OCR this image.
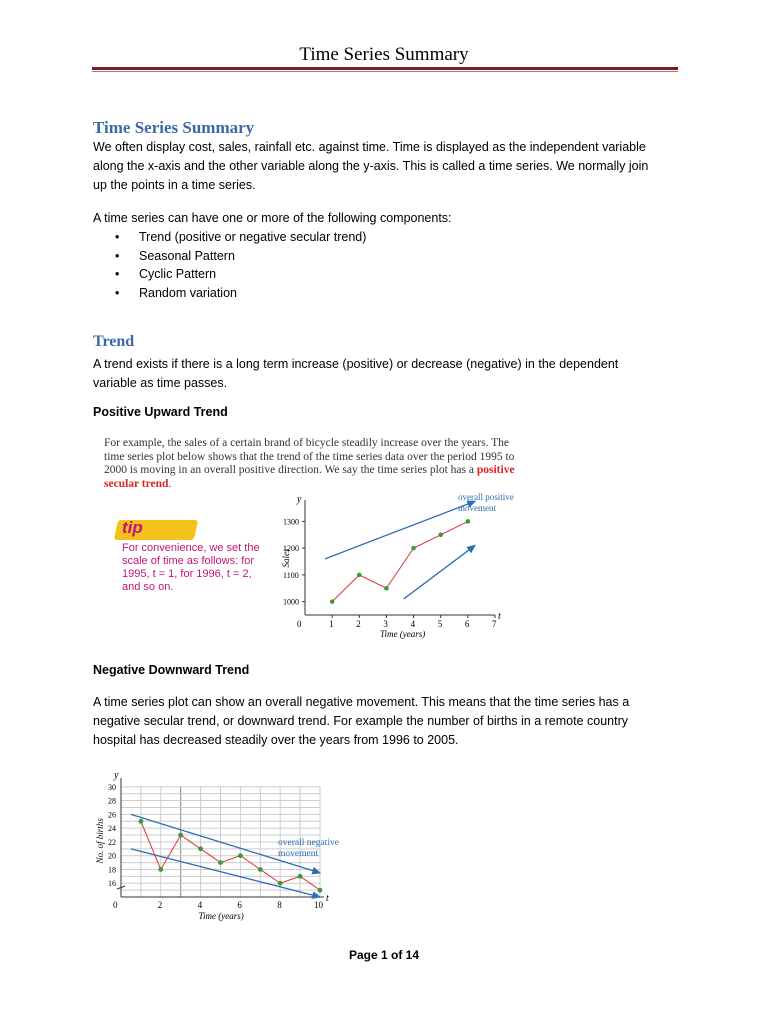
Time Series Summary
Time Series Summary

We often display cost, sales, rainfall etc. against time. Time is displayed as the independent variable
along the x-axis and the other variable along the y-axis. This is called a time series. We normally join
up the points in a time series.

A time series can have one or more of the following components:

• Trend (positive or negative secular trend)
• Seasonal Pattern
• Cyclic Pattern
• Random variation
Trend

A trend exists if there is a long term increase (positive) or decrease (negative) in the dependent
variable as time passes.

Positive Upward Trend

For example, the sales of a certain brand of bicycle steadily increase over the years. The
time series plot below shows that the trend of the time series data over the period 1995 to
2000 is moving in an overall positive direction. We say the time series plot has a positive
secular trend.

tip
For convenience, we set the
scale of time as follows: for
1995, t = 1, for 1996, t = 2,
and so on.
t
y
0	1	2	3	4	5	6	7
1000
1100
1200
1300
Time (years)
Sales
overall positive
movement
Negative Downward Trend

A time series plot can show an overall negative movement. This means that the time series has a
negative secular trend, or downward trend. For example the number of births in a remote country
hospital has decreased steadily over the years from 1996 to 2005.

t
y
0	2	4	6	8	10
16
18
20
22
24
26
28
30
Time (years)
No. of births	overall negative
movement
Page 1 of 14
